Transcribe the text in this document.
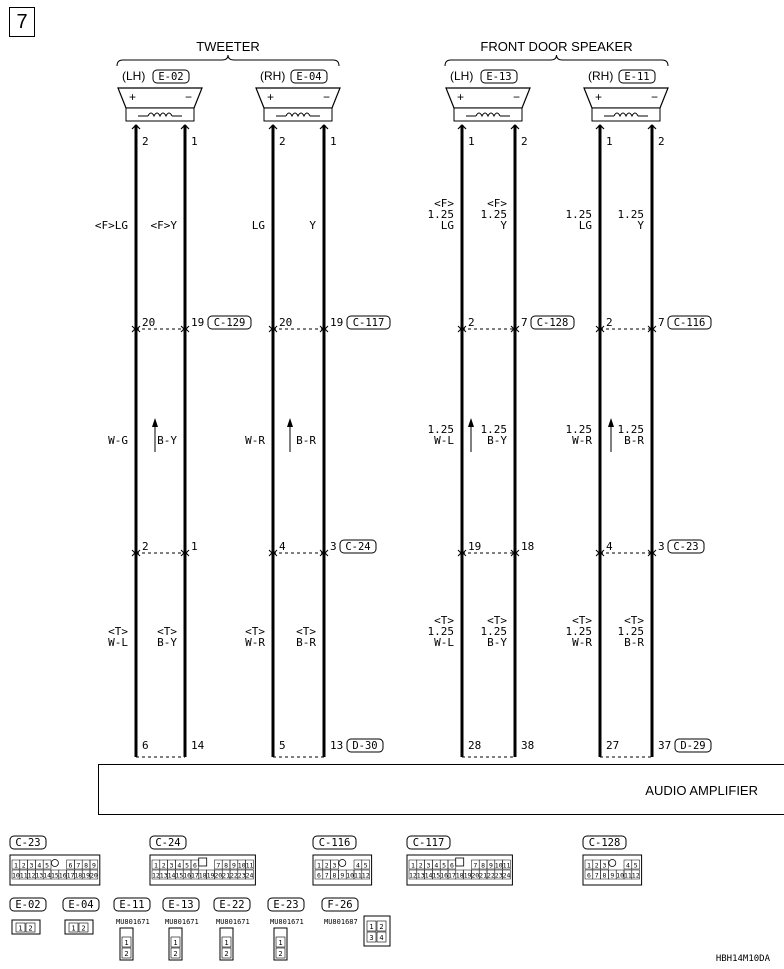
7
TWEETER	FRONT DOOR SPEAKER
(LH) E-02
+	−
(RH) E-04
+	−
(LH) E-13
+	−
(RH) E-11
+	−
2	1	2	1	1	2	1	2
<F>LG <F>Y	LG	Y
<F>
1.25
LG
<F>
1.25
Y
1.25
LG
1.25
Y
W-G	B-Y	W-R	B-R
1.25
W-L
1.25
B-Y
1.25
W-R
1.25
B-R
<T>
W-L
<T>
B-Y
<T>
W-R
<T>
B-R
<T>
1.25
W-L
<T>
1.25
B-Y
<T>
1.25
W-R
<T>
1.25
B-R
20	19	20	19	2	7	2	7
C-129	C-117	C-128	C-116
2	1	4	3	19	18	4	3
C-24	C-23
6	14	5	13	28	38	27	37
D-30	D-29
C-23
1 2 3 4 5	6 7 8 9
10 11 12 13 14 15 16 17 18 19 20
C-24
1 2 3 4 5 6	7 8 9 10 11
12 13 14 15 16 17 18 19 20 21 22 23 24
C-116
1 2 3	4 5
6 7 8 9 10 11 12
C-117
1 2 3 4 5 6	7 8 9 10 11
12 13 14 15 16 17 18 19 20 21 22 23 24
C-128
1 2 3	4 5
6 7 8 9 10 11 12
E-02
1 2
E-04
1 2
E-11
MU801671
1
2
E-13
MU801671
1
2
E-22
MU801671
1
2
E-23
MU801671
1
2
F-26
MU801687
1 2
3 4
HBH14M10DA
AUDIO AMPLIFIER
